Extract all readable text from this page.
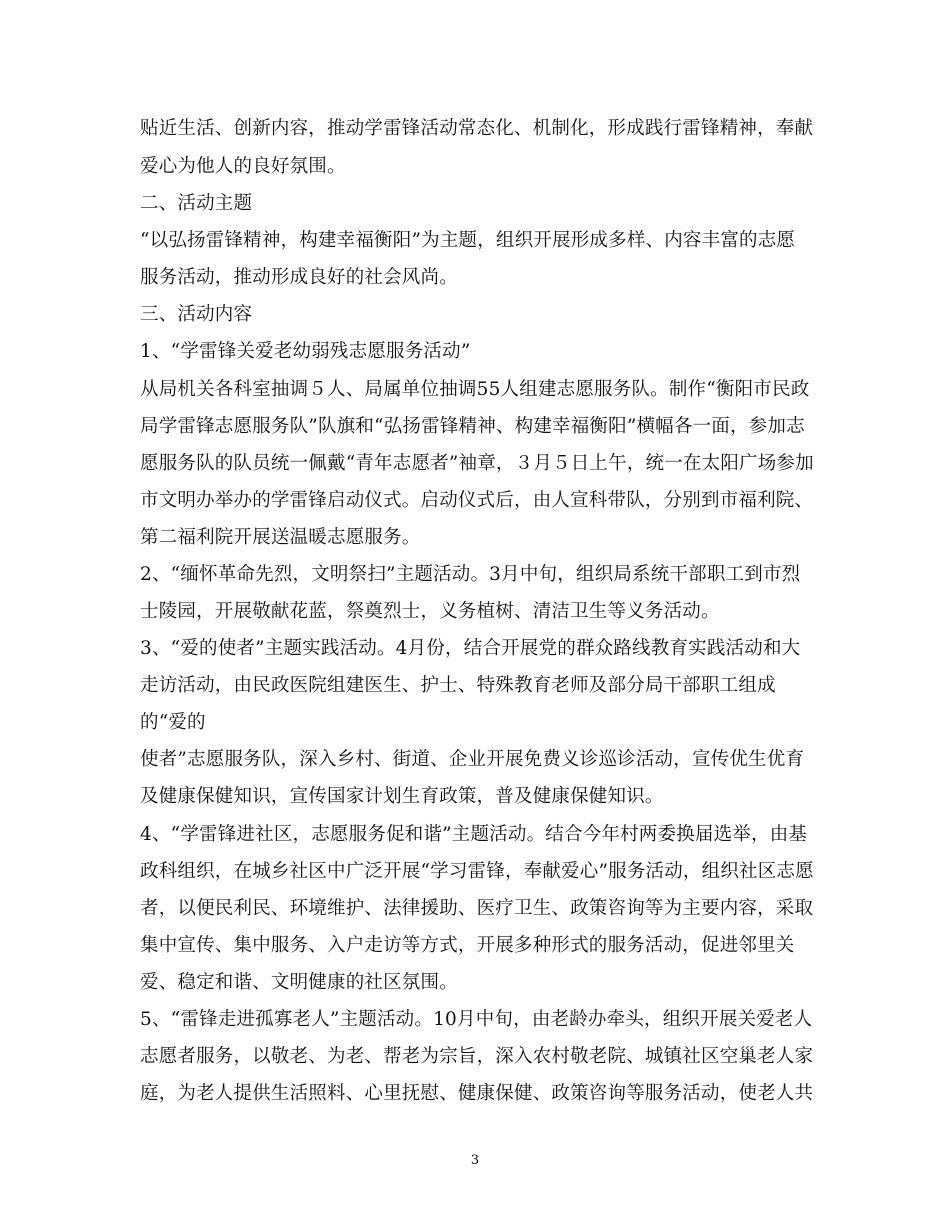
贴近生活、创新内容，推动学雷锋活动常态化、机制化，形成践行雷锋精神，奉献
爱心为他人的良好氛围。
二、活动主题
“以弘扬雷锋精神，构建幸福衡阳”为主题，组织开展形成多样、内容丰富的志愿
服务活动，推动形成良好的社会风尚。
三、活动内容
1、“学雷锋关爱老幼弱残志愿服务活动”
从局机关各科室抽调５人、局属单位抽调55人组建志愿服务队。制作“衡阳市民政
局学雷锋志愿服务队”队旗和“弘扬雷锋精神、构建幸福衡阳”横幅各一面，参加志
愿服务队的队员统一佩戴“青年志愿者”袖章，３月５日上午，统一在太阳广场参加
市文明办举办的学雷锋启动仪式。启动仪式后，由人宣科带队，分别到市福利院、
第二福利院开展送温暖志愿服务。
2、“缅怀革命先烈，文明祭扫”主题活动。3月中旬，组织局系统干部职工到市烈
士陵园，开展敬献花蓝，祭奠烈士，义务植树、清洁卫生等义务活动。
3、“爱的使者”主题实践活动。4月份，结合开展党的群众路线教育实践活动和大
走访活动，由民政医院组建医生、护士、特殊教育老师及部分局干部职工组成
的“爱的
使者”志愿服务队，深入乡村、街道、企业开展免费义诊巡诊活动，宣传优生优育
及健康保健知识，宣传国家计划生育政策，普及健康保健知识。
4、“学雷锋进社区，志愿服务促和谐”主题活动。结合今年村两委换届选举，由基
政科组织，在城乡社区中广泛开展“学习雷锋，奉献爱心”服务活动，组织社区志愿
者，以便民利民、环境维护、法律援助、医疗卫生、政策咨询等为主要内容，采取
集中宣传、集中服务、入户走访等方式，开展多种形式的服务活动，促进邻里关
爱、稳定和谐、文明健康的社区氛围。
5、“雷锋走进孤寡老人”主题活动。10月中旬，由老龄办牵头，组织开展关爱老人
志愿者服务，以敬老、为老、帮老为宗旨，深入农村敬老院、城镇社区空巢老人家
庭，为老人提供生活照料、心里抚慰、健康保健、政策咨询等服务活动，使老人共
3
